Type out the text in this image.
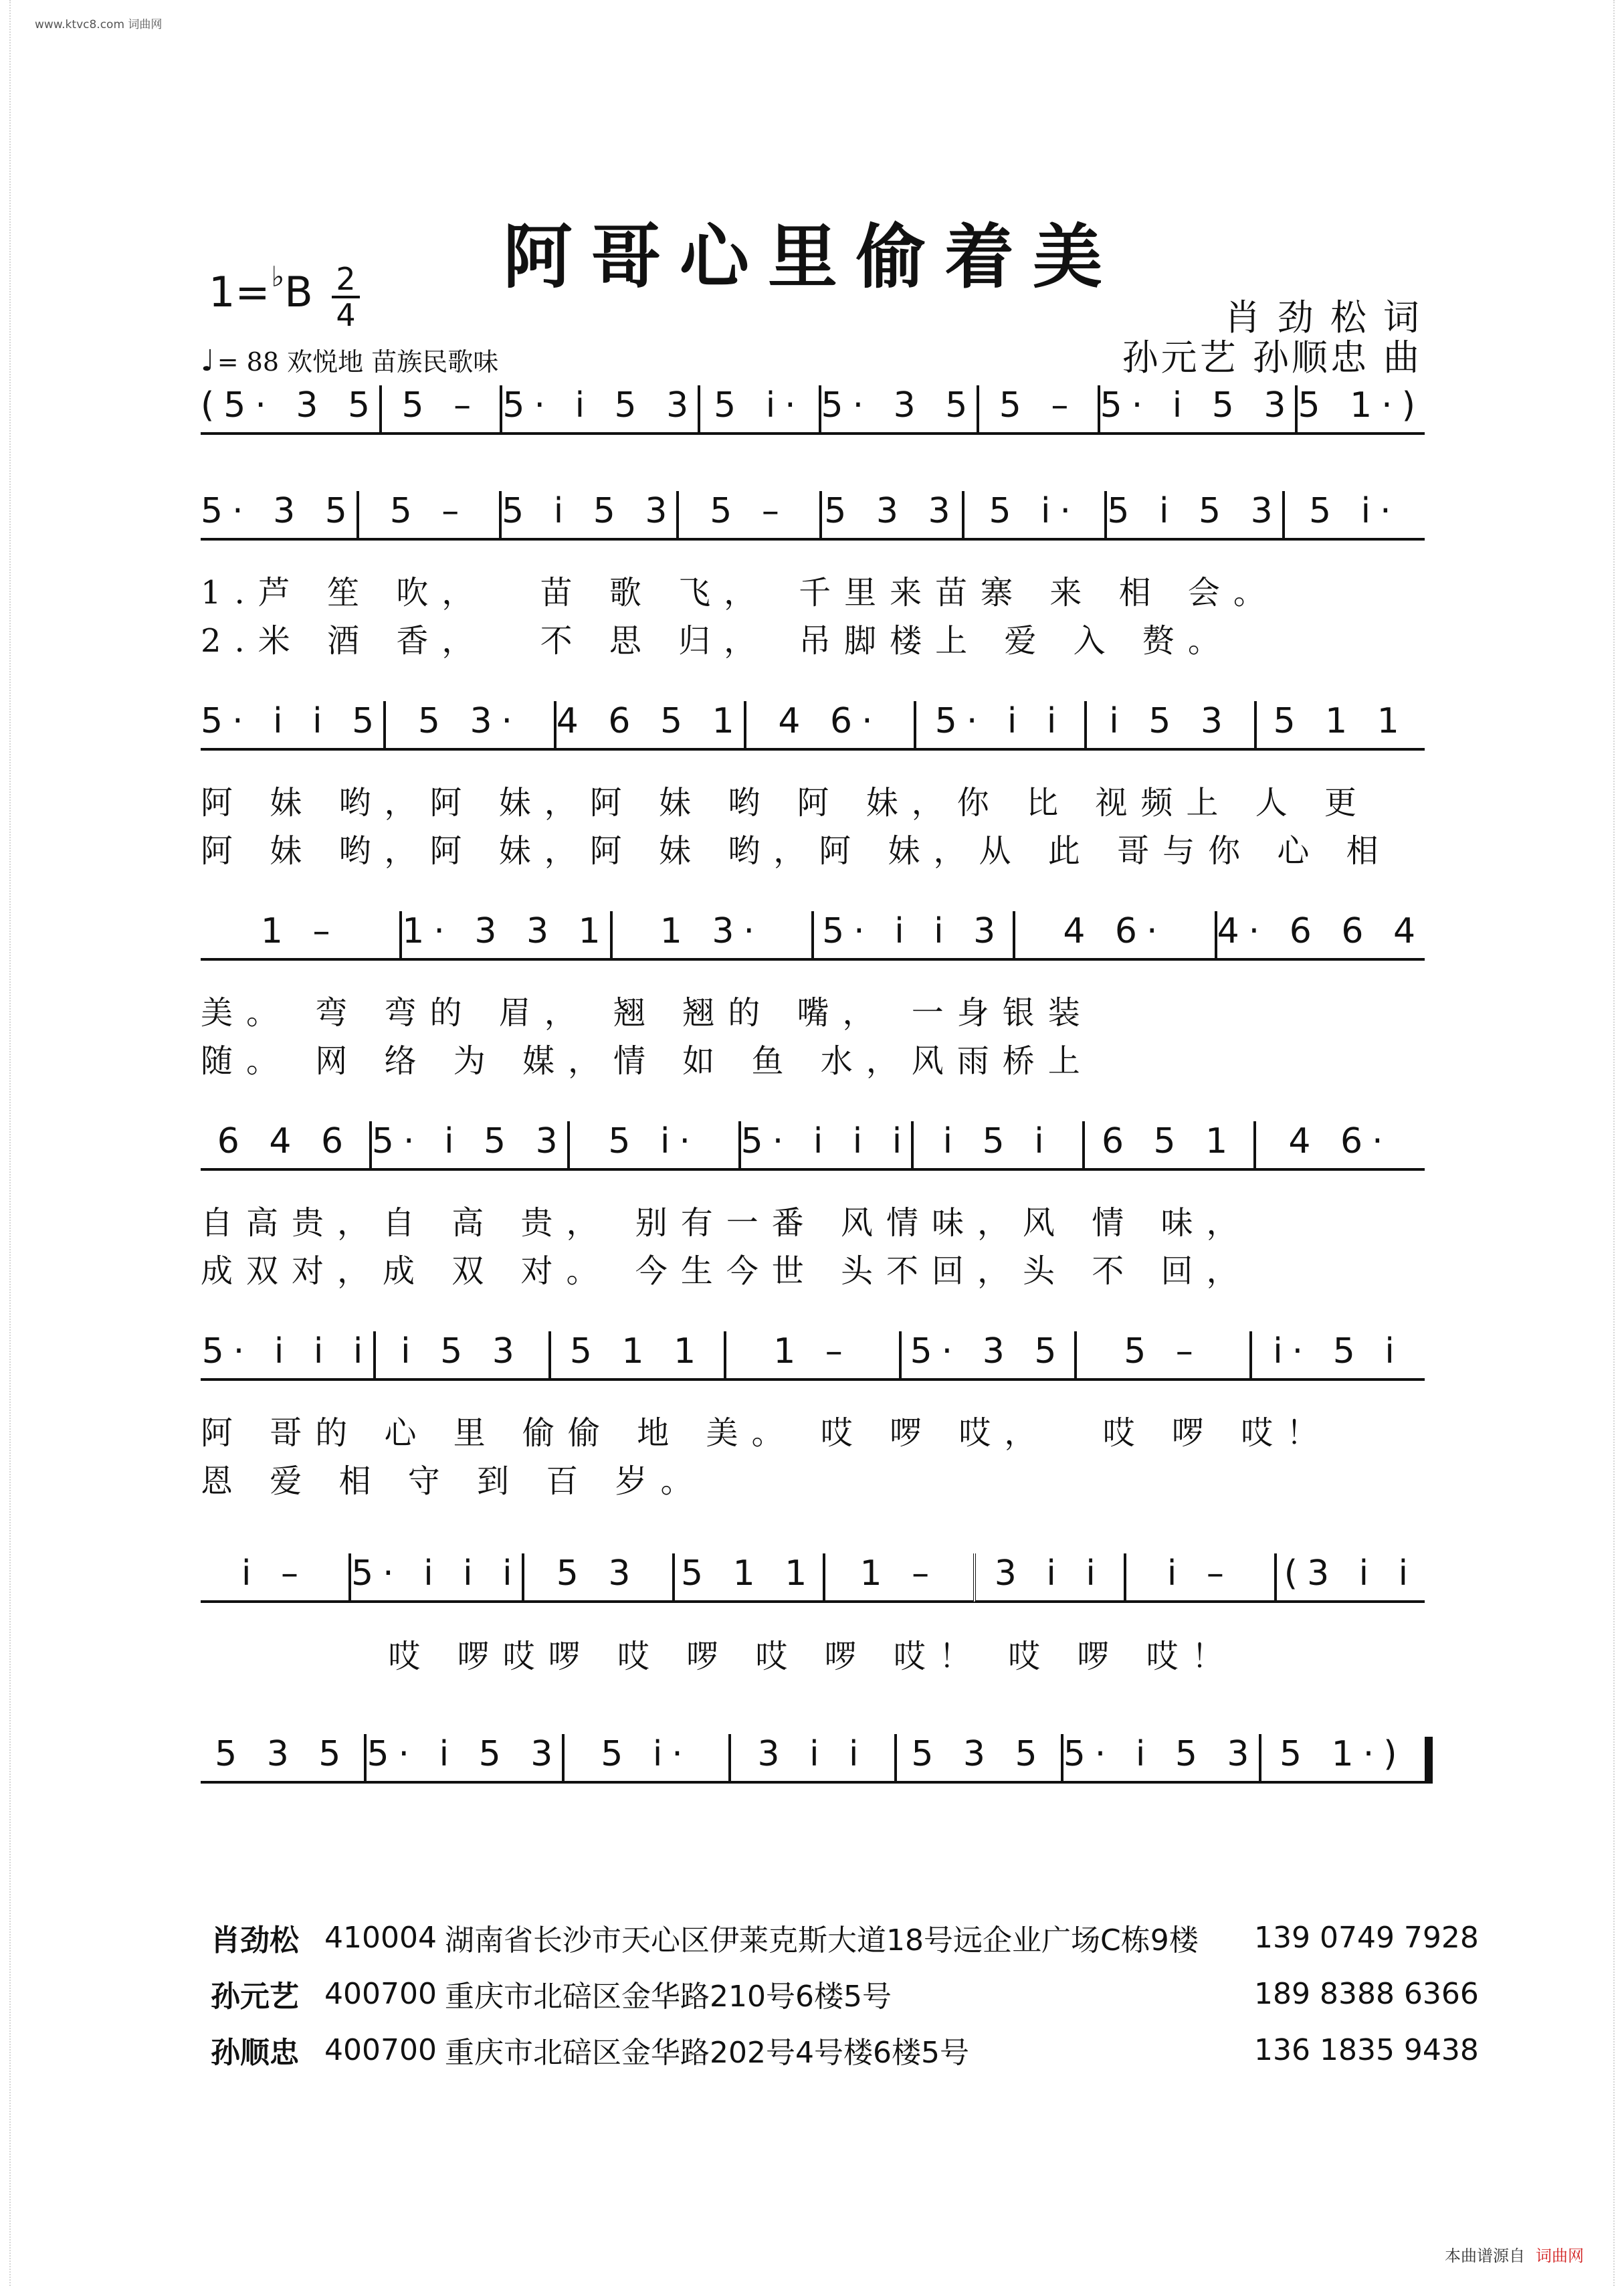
www.ktvc8.com 词曲网
阿哥心里偷着美
1=♭B 2
4
♩ = 88 欢悦地 苗族民歌味
肖 劲 松 词
孙元艺 孙顺忠 曲
(5· 3 5 5 – 5· i 5 3 5 i· 5· 3 5 5 – 5· i 5 3 5 1·)
5· 3 5 5 – 5 i 5 3 5 –	5 3 3 5 i· 5 i 5 3 5 i·
1.芦 笙 吹，　 苗 歌 飞，　千里来苗寨 来 相 会。
2.米 酒 香，　 不 思 归，　吊脚楼上 爱 入 赘。
5· i i 5 5 3· 4 6 5 1 4 6·	5· i i	i 5 3	5 1 1
阿 妹 哟，阿 妹，阿 妹 哟 阿 妹，你 比 视频上 人 更
阿 妹 哟，阿 妹，阿 妹 哟，阿 妹，从 此 哥与你 心 相
1 –	1· 3 3 1	1 3·	5· i i 3	4 6·	4· 6 6 4
美。 弯 弯的 眉， 翘 翘的 嘴， 一身银装
随。 网 络 为 媒，情 如 鱼 水，风雨桥上
6 4 6 5· i 5 3	5 i·	5· i i i i 5 i	6 5 1	4 6·
自高贵，自 高 贵， 别有一番 风情味，风 情 味，
成双对，成 双 对。 今生今世 头不回，头 不 回，
5· i i i i 5 3	5 1 1	1 –	5· 3 5	5 –	i· 5 i
阿 哥的 心 里 偷偷 地 美。 哎 啰 哎，　 哎 啰 哎！
恩 爱 相 守 到 百 岁。
i –	5· i i i	5 3	5 1 1	1 –	3 i i	i –	(3 i i
哎 啰哎啰 哎 啰 哎 啰 哎！ 哎 啰 哎！
5 3 5 5· i 5 3	5 i·	3 i i	5 3 5 5· i 5 3 5 1·)
肖劲松 410004 湖南省长沙市天心区伊莱克斯大道18号远企业广场C栋9楼	139 0749 7928
孙元艺 400700 重庆市北碚区金华路210号6楼5号	189 8388 6366
孙顺忠 400700 重庆市北碚区金华路202号4号楼6楼5号	136 1835 9438
本曲谱源自 词曲网
